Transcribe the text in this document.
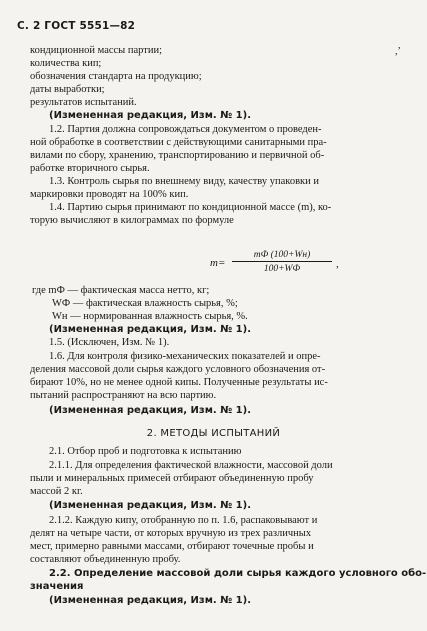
С. 2 ГОСТ 5551—82
,’
кондиционной массы партии;
количества кип;
обозначения стандарта на продукцию;
даты выработки;
результатов испытаний.
(Измененная редакция, Изм. № 1).
1.2. Партия должна сопровождаться документом о проведен-
ной обработке в соответствии с действующими санитарными пра-
вилами по сбору, хранению, транспортированию и первичной об-
работке вторичного сырья.
1.3. Контроль сырья по внешнему виду, качеству упаковки и
маркировки проводят на 100% кип.
1.4. Партию сырья принимают по кондиционной массе (m), ко-
торую вычисляют в килограммах по формуле
m=
mФ (100+Wн)
100+WФ	,
где mФ — фактическая масса нетто, кг;
WФ — фактическая влажность сырья, %;
Wн — нормированная влажность сырья, %.
(Измененная редакция, Изм. № 1).
1.5. (Исключен, Изм. № 1).
1.6. Для контроля физико-механических показателей и опре-
деления массовой доли сырья каждого условного обозначения от-
бирают 10%, но не менее одной кипы. Полученные результаты ис-
пытаний распространяют на всю партию.
(Измененная редакция, Изм. № 1).
2. МЕТОДЫ ИСПЫТАНИЙ
2.1. Отбор проб и подготовка к испытанию
2.1.1. Для определения фактической влажности, массовой доли
пыли и минеральных примесей отбирают объединенную пробу
массой 2 кг.
(Измененная редакция, Изм. № 1).
2.1.2. Каждую кипу, отобранную по п. 1.6, распаковывают и
делят на четыре части, от которых вручную из трех различных
мест, примерно равными массами, отбирают точечные пробы и
составляют объединенную пробу.
2.2. Определение массовой доли сырья каждого условного обо-
значения
(Измененная редакция, Изм. № 1).
